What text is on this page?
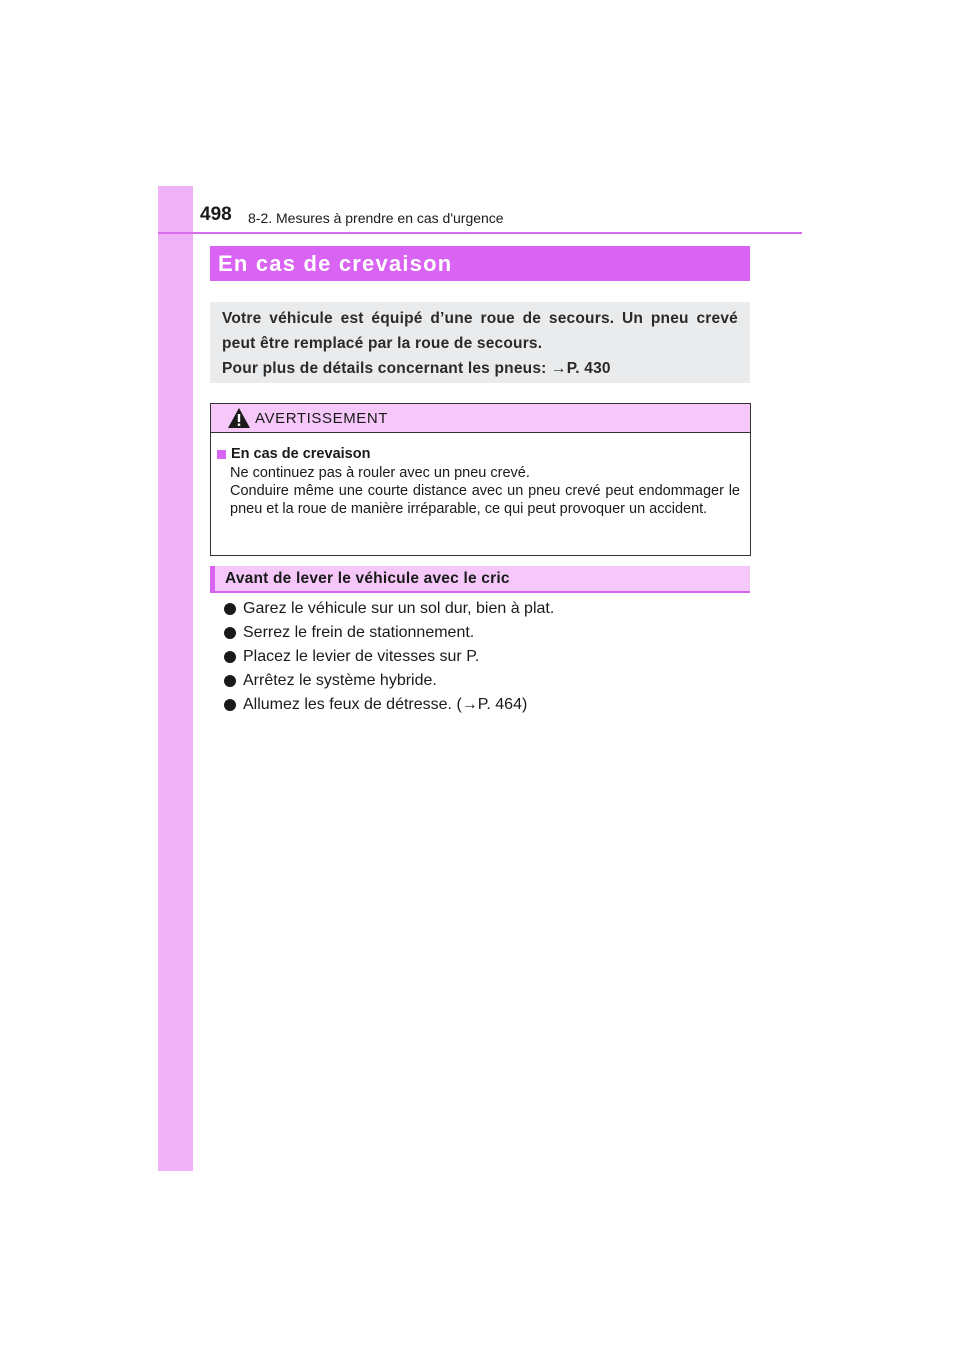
498 8-2. Mesures à prendre en cas d'urgence
En cas de crevaison

Votre véhicule est équipé d’une roue de secours. Un pneu crevé peut être remplacé par la roue de secours.

Pour plus de détails concernant les pneus: →P. 430

AVERTISSEMENT
En cas de crevaison

Ne continuez pas à rouler avec un pneu crevé.

Conduire même une courte distance avec un pneu crevé peut endommager le pneu et la roue de manière irréparable, ce qui peut provoquer un accident.

Avant de lever le véhicule avec le cric
Garez le véhicule sur un sol dur, bien à plat.
Serrez le frein de stationnement.
Placez le levier de vitesses sur P.
Arrêtez le système hybride.
Allumez les feux de détresse. (→P. 464)
